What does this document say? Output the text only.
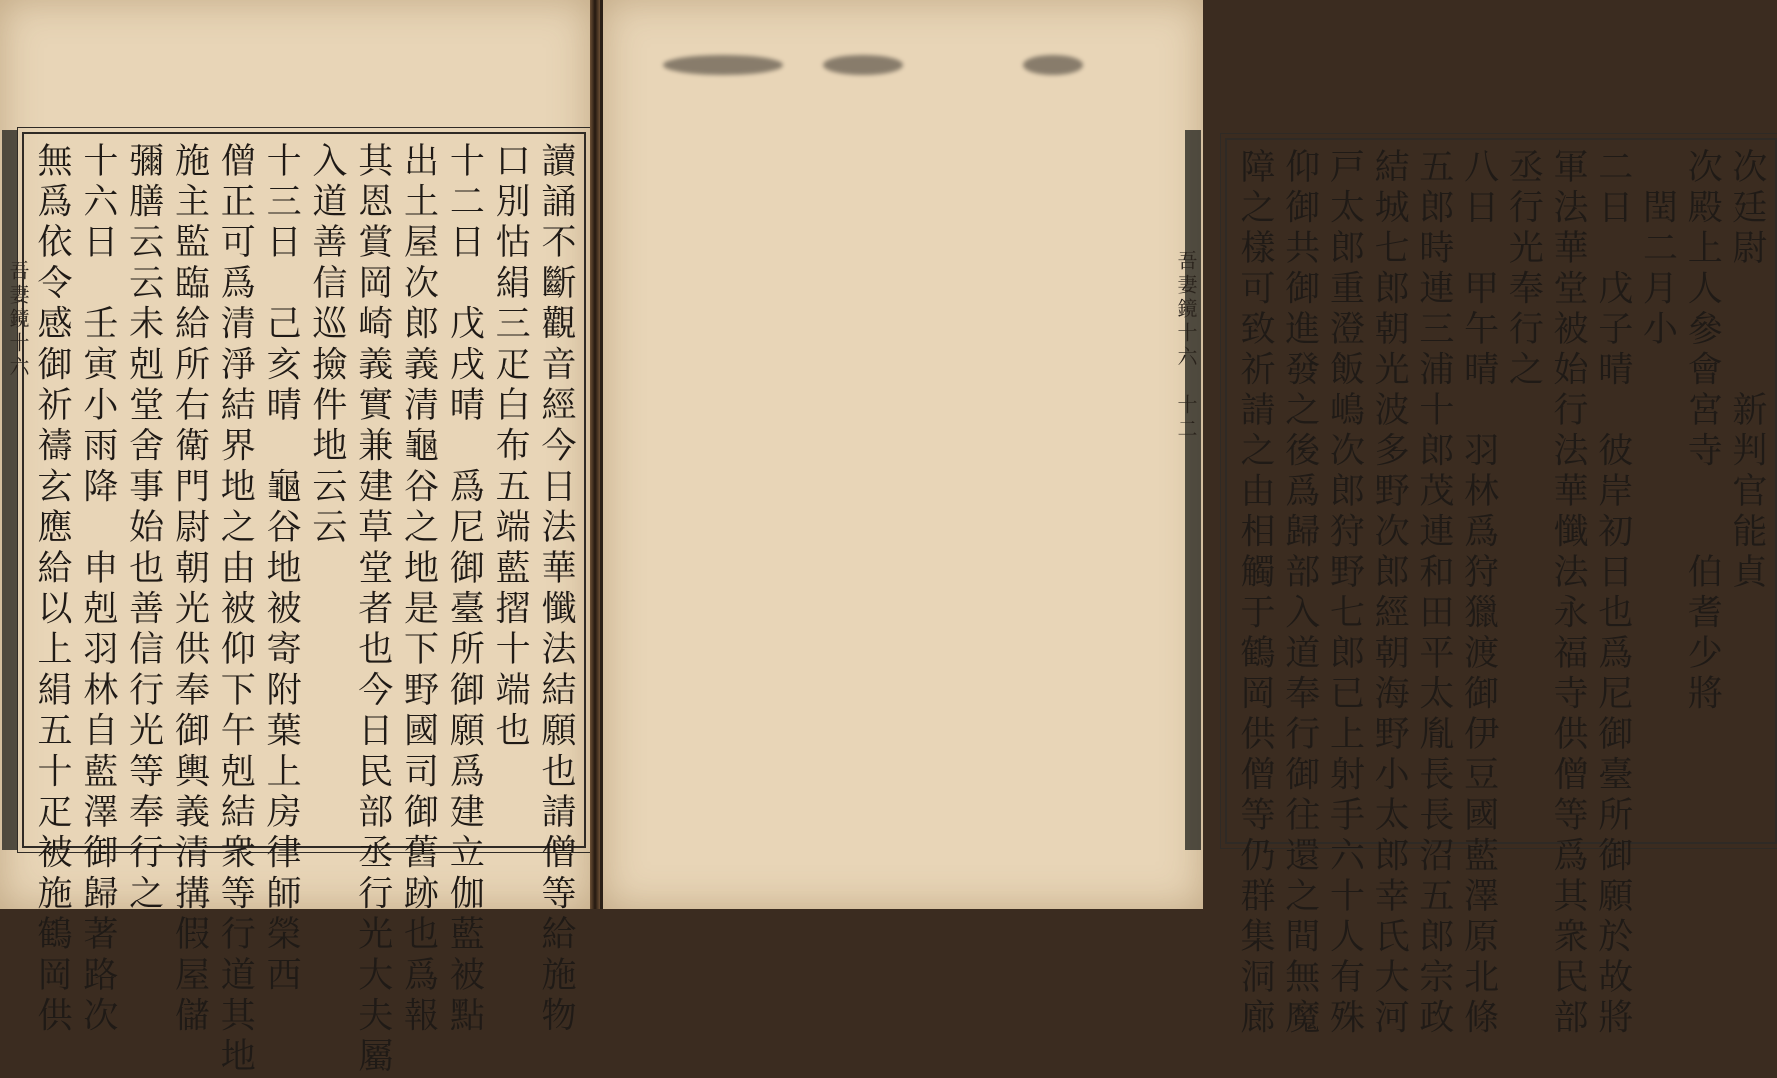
吾妻鏡十六	讀誦不斷觀音經今日法華懺法結願也請僧等給施物
口別怙絹三疋白布五端藍摺十端也
十二日　戊戌晴　爲尼御臺所御願爲建立伽藍被點
出土屋次郎義清龜谷之地是下野國司御舊跡也爲報
其恩賞岡崎義實兼建草堂者也今日民部丞行光大夫屬
入道善信巡撿件地云云
十三日　己亥晴　龜谷地被寄附葉上房律師榮西
僧正可爲清淨結界地之由被仰下午剋結衆等行道其地
施主監臨給所右衛門尉朝光供奉御輿義清搆假屋儲
彌膳云云未剋堂舍事始也善信行光等奉行之
十六日　壬寅小雨降　申剋羽林自藍澤御歸著路次
無爲依令感御祈禱玄應給以上絹五十疋被施鶴岡供	吾妻鏡十六　十二	次廷尉　　　新判官能貞
次殿上人參會宮寺　　伯耆少將
　閏二月小
二日　戊子晴　彼岸初日也爲尼御臺所御願於故將
軍法華堂被始行法華懺法永福寺供僧等爲其衆民部
丞行光奉行之
八日　甲午晴　羽林爲狩獵渡御伊豆國藍澤原北條
五郎時連三浦十郎茂連和田平太胤長長沼五郎宗政
結城七郎朝光波多野次郎經朝海野小太郎幸氏大河
戸太郎重澄飯嶋次郎狩野七郎已上射手六十人有殊
仰御共御進發之後爲歸部入道奉行御往還之間無魔
障之樣可致祈請之由相觸于鶴岡供僧等仍群集洞廊
